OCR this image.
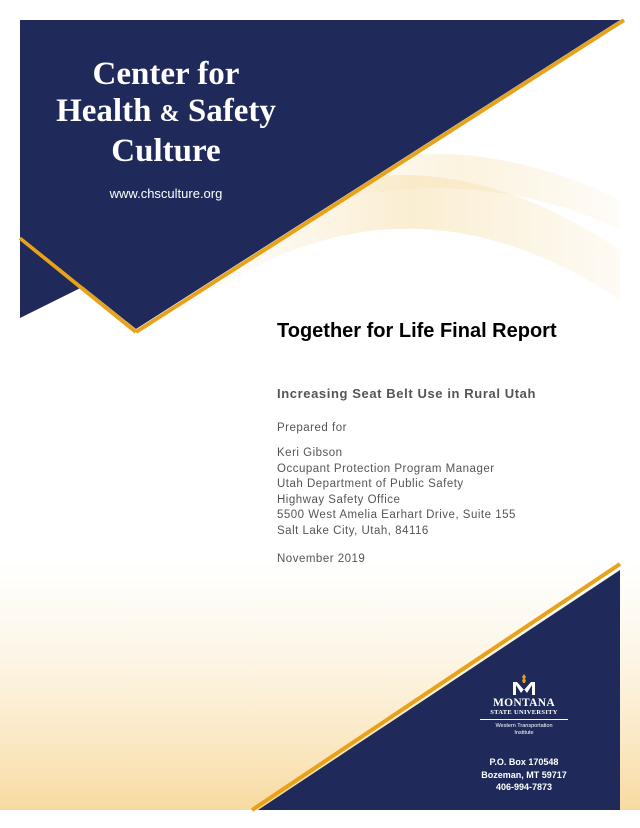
Center for
Health & Safety
Culture
www.chsculture.org
Together for Life Final Report
Increasing Seat Belt Use in Rural Utah
Prepared for
Keri Gibson
Occupant Protection Program Manager
Utah Department of Public Safety
Highway Safety Office
5500 West Amelia Earhart Drive, Suite 155
Salt Lake City, Utah, 84116
November 2019
MONTANA
STATE UNIVERSITY
Western Transportation
Institute
P.O. Box 170548
Bozeman, MT 59717
406-994-7873
